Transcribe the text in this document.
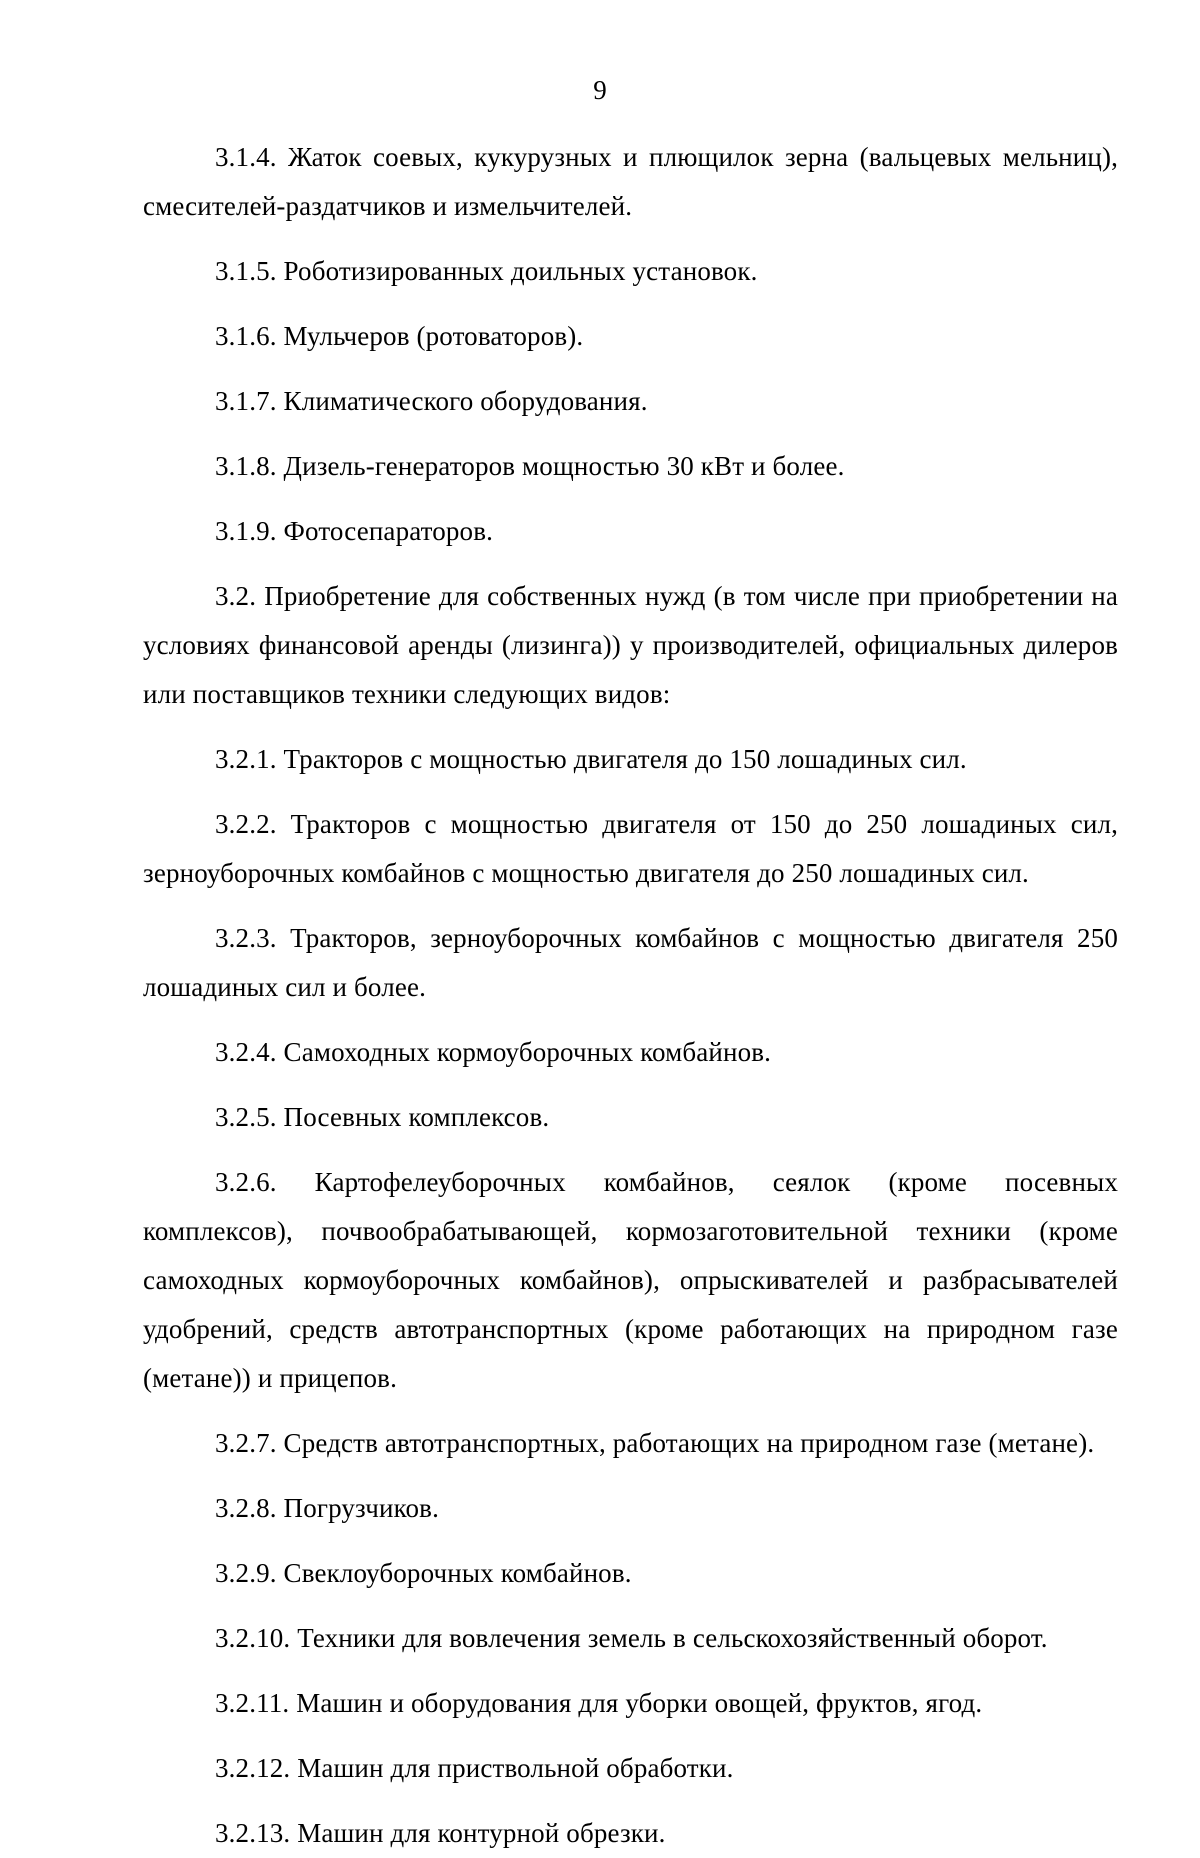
9

3.1.4. Жаток соевых, кукурузных и плющилок зерна (вальцевых мельниц), смесителей-раздатчиков и измельчителей.

3.1.5. Роботизированных доильных установок.

3.1.6. Мульчеров (ротоваторов).

3.1.7. Климатического оборудования.

3.1.8. Дизель-генераторов мощностью 30 кВт и более.

3.1.9. Фотосепараторов.

3.2. Приобретение для собственных нужд (в том числе при приобретении на условиях финансовой аренды (лизинга)) у производителей, официальных дилеров или поставщиков техники следующих видов:

3.2.1. Тракторов с мощностью двигателя до 150 лошадиных сил.

3.2.2. Тракторов с мощностью двигателя от 150 до 250 лошадиных сил, зерноуборочных комбайнов с мощностью двигателя до 250 лошадиных сил.

3.2.3. Тракторов, зерноуборочных комбайнов с мощностью двигателя 250 лошадиных сил и более.

3.2.4. Самоходных кормоуборочных комбайнов.

3.2.5. Посевных комплексов.

3.2.6. Картофелеуборочных комбайнов, сеялок (кроме посевных комплексов), почвообрабатывающей, кормозаготовительной техники (кроме самоходных кормоуборочных комбайнов), опрыскивателей и разбрасывателей удобрений, средств автотранспортных (кроме работающих на природном газе (метане)) и прицепов.

3.2.7. Средств автотранспортных, работающих на природном газе (метане).

3.2.8. Погрузчиков.

3.2.9. Свеклоуборочных комбайнов.

3.2.10. Техники для вовлечения земель в сельскохозяйственный оборот.

3.2.11. Машин и оборудования для уборки овощей, фруктов, ягод.

3.2.12. Машин для приствольной обработки.

3.2.13. Машин для контурной обрезки.
